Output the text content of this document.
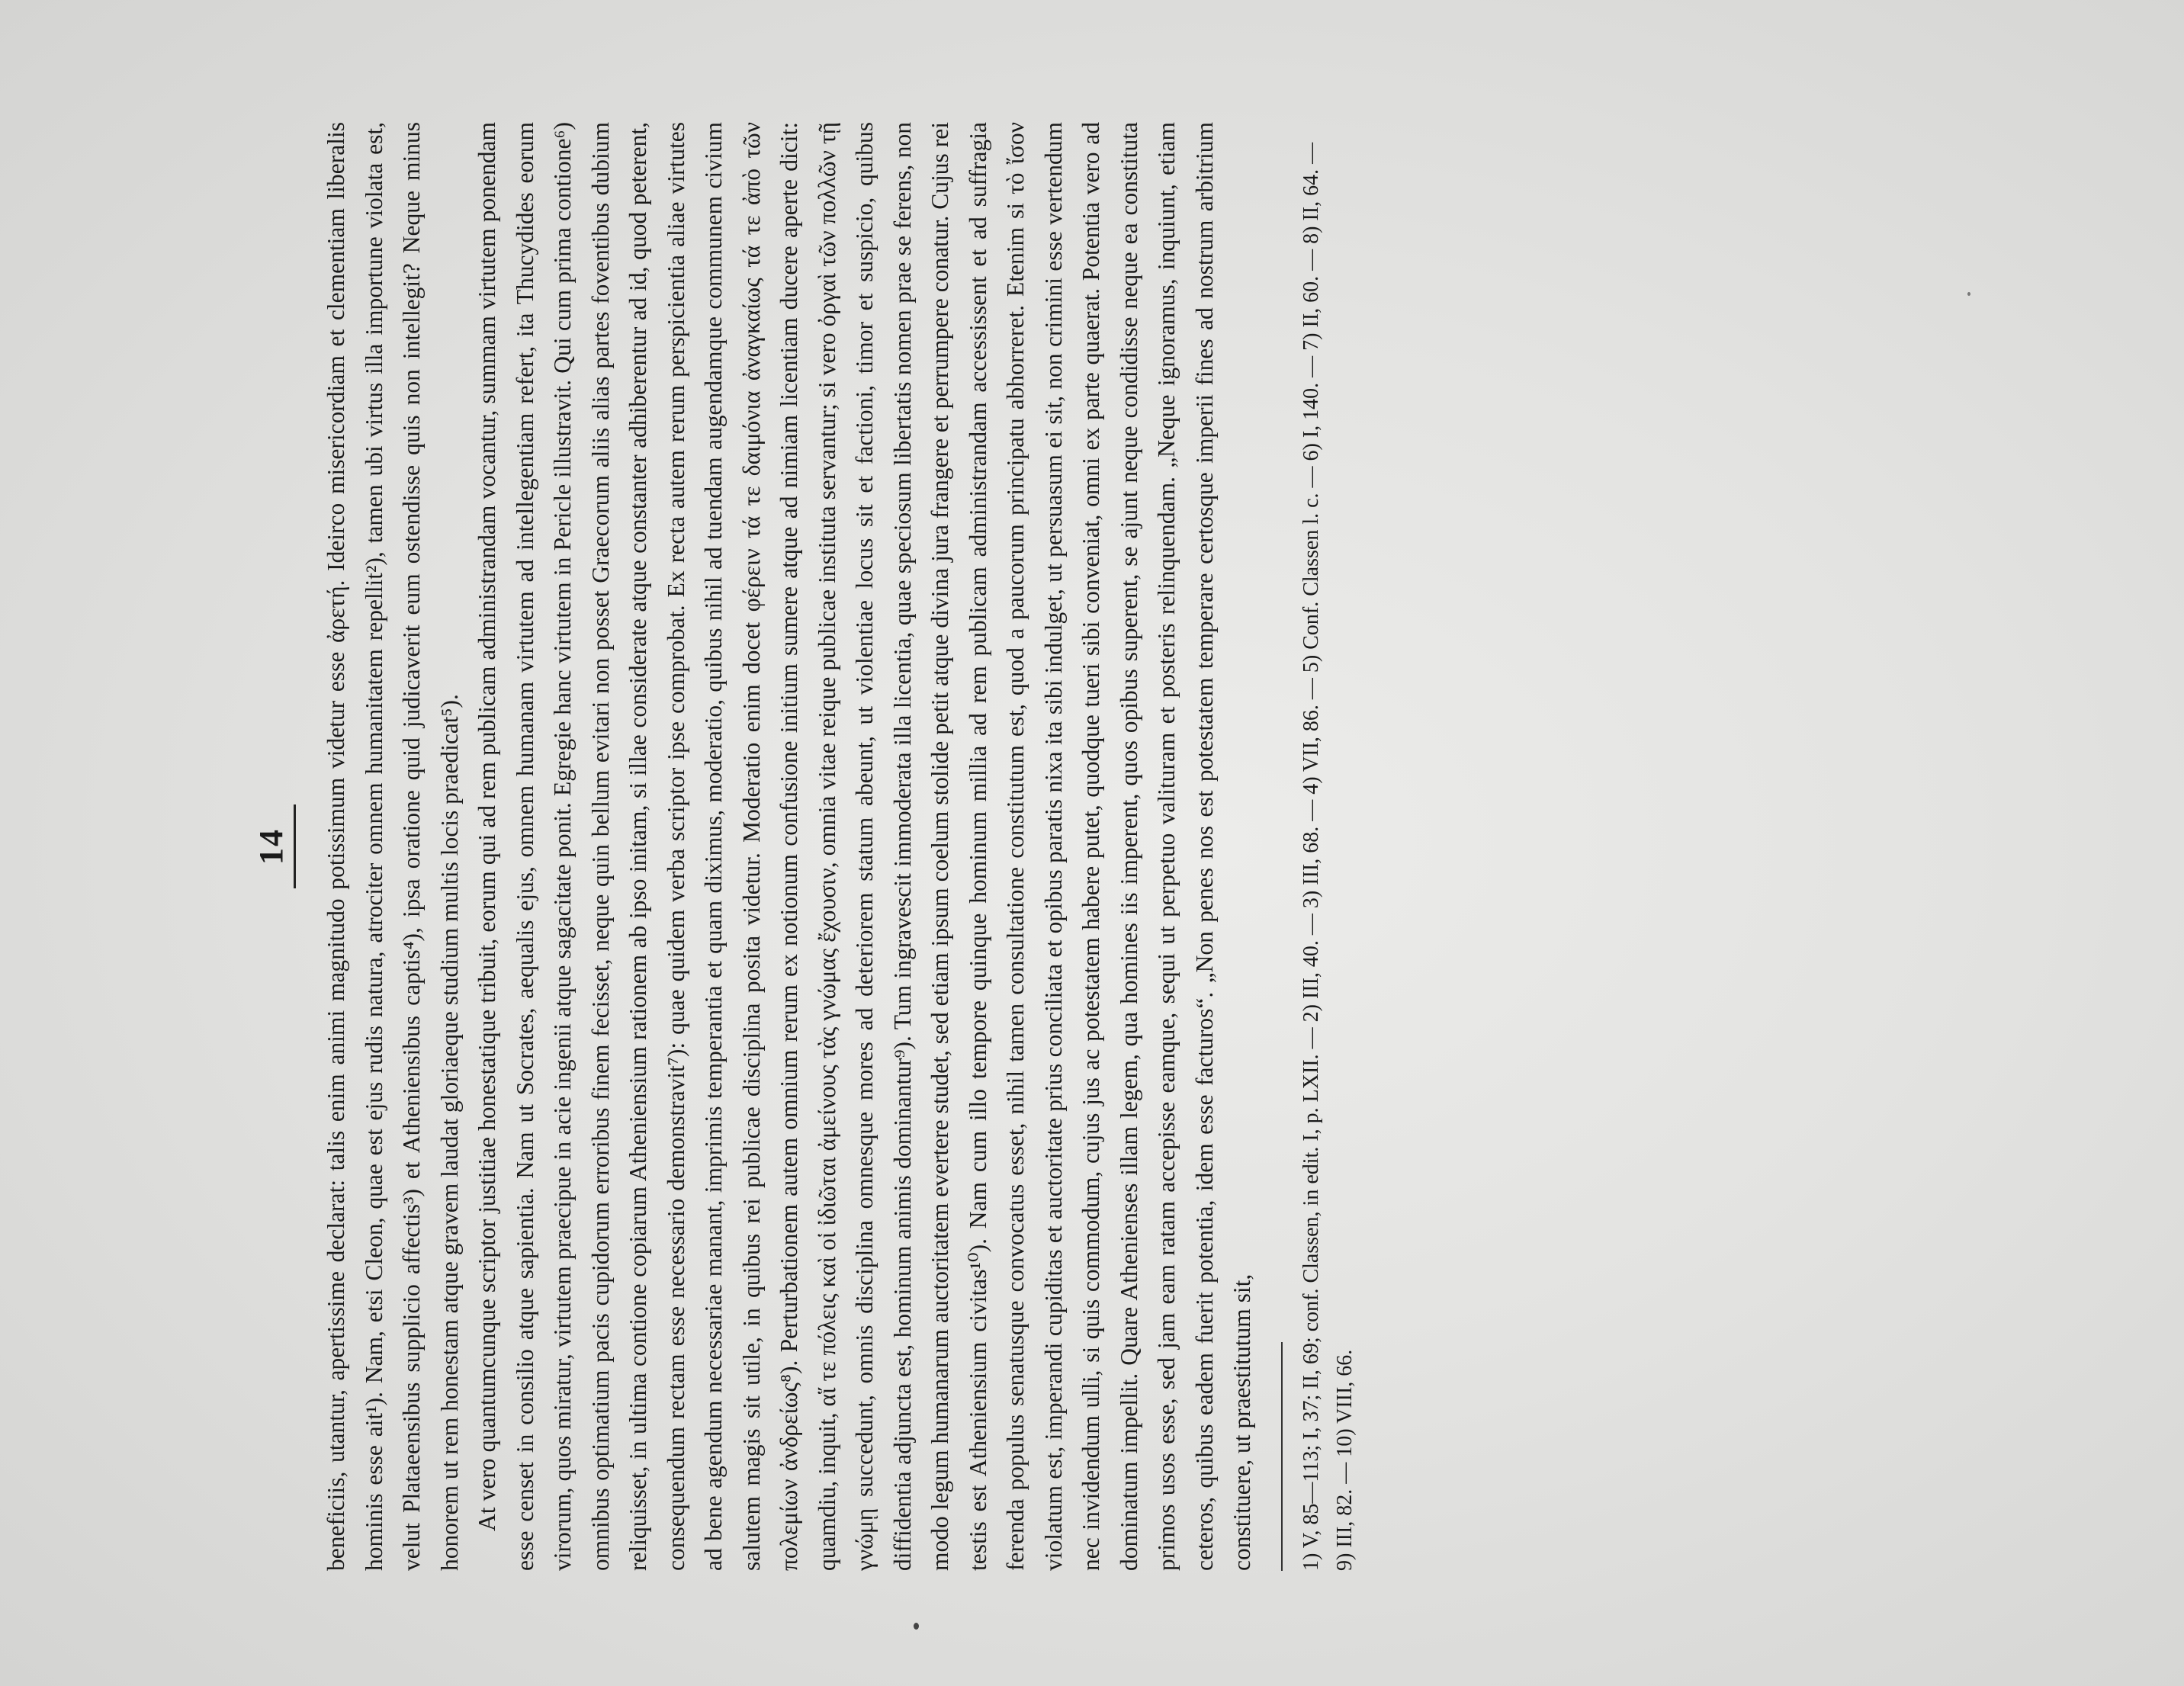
14 beneficiis, utantur, apertissime declarat: talis enim animi magnitudo potissimum videtur esse ἀρετή. Ideirco misericordiam et clementiam liberalis hominis esse ait¹). Nam, etsi Cleon, quae est ejus rudis natura, atrociter omnem humanitatem repellit²), tamen ubi virtus illa importune violata est, velut Plataeensibus supplicio affectis³) et Atheniensibus captis⁴), ipsa oratione quid judicaverit eum ostendisse quis non intellegit? Neque minus honorem ut rem honestam atque gravem laudat gloriaeque studium multis locis praedicat⁵). At vero quantumcunque scriptor justitiae honestatique tribuit, eorum qui ad rem publicam administrandam vocantur, summam virtutem ponendam esse censet in consilio atque sapientia. Nam ut Socrates, aequalis ejus, omnem humanam virtutem ad intellegentiam refert, ita Thucydides eorum virorum, quos miratur, virtutem praecipue in acie ingenii atque sagacitate ponit. Egregie hanc virtutem in Pericle illustravit. Qui cum prima contione⁶) omnibus optimatium pacis cupidorum erroribus finem fecisset, neque quin bellum evitari non posset Graecorum aliis alias partes foventibus dubium reliquisset, in ultima contione copiarum Atheniensium rationem ab ipso initam, si illae considerate atque constanter adhiberentur ad id, quod peterent, consequendum rectam esse necessario demonstravit⁷): quae quidem verba scriptor ipse comprobat. Ex recta autem rerum perspicientia aliae virtutes ad bene agendum necessariae manant, imprimis temperantia et quam diximus, moderatio, quibus nihil ad tuendam augendamque communem civium salutem magis sit utile, in quibus rei publicae disciplina posita videtur. Moderatio enim docet φέρειν τά τε δαιμόνια ἀναγκαίως τά τε ἀπὸ τῶν πολεμίων ἀνδρείως⁸). Perturbationem autem omnium rerum ex notionum confusione initium sumere atque ad nimiam licentiam ducere aperte dicit: quamdiu, inquit, αἵ τε πόλεις καὶ οἱ ἰδιῶται ἀμείνους τὰς γνώμας ἔχουσιν, omnia vitae reique publicae instituta servantur; si vero ὀργαὶ τῶν πολλῶν τῇ γνώμῃ succedunt, omnis disciplina omnesque mores ad deteriorem statum abeunt, ut violentiae locus sit et factioni, timor et suspicio, quibus diffidentia adjuncta est, hominum animis dominantur⁹). Tum ingravescit immoderata illa licentia, quae speciosum libertatis nomen prae se ferens, non modo legum humanarum auctoritatem evertere studet, sed etiam ipsum coelum stolide petit atque divina jura frangere et perrumpere conatur. Cujus rei testis est Atheniensium civitas¹⁰). Nam cum illo tempore quinque hominum millia ad rem publicam administrandam accessissent et ad suffragia ferenda populus senatusque convocatus esset, nihil tamen consultatione constitutum est, quod a paucorum principatu abhorreret. Etenim si τὸ ἴσον violatum est, imperandi cupiditas et auctoritate prius conciliata et opibus paratis nixa ita sibi indulget, ut persuasum ei sit, non crimini esse vertendum nec invidendum ulli, si quis commodum, cujus jus ac potestatem habere putet, quodque tueri sibi conveniat, omni ex parte quaerat. Potentia vero ad dominatum impellit. Quare Athenienses illam legem, qua homines iis imperent, quos opibus superent, se ajunt neque condidisse neque ea constituta primos usos esse, sed jam eam ratam accepisse eamque, sequi ut perpetuo valituram et posteris relinquendam. „Neque ignoramus, inquiunt, etiam ceteros, quibus eadem fuerit potentia, idem esse facturos“. „Non penes nos est potestatem temperare certosque imperii fines ad nostrum arbitrium constituere, ut praestitutum sit, 1) V, 85—113; I, 37; II, 69; conf. Classen, in edit. I, p. LXII. — 2) III, 40. — 3) III, 68. — 4) VII, 86. — 5) Conf. Classen l. c. — 6) I, 140. — 7) II, 60. — 8) II, 64. — 9) III, 82. — 10) VIII, 66.
